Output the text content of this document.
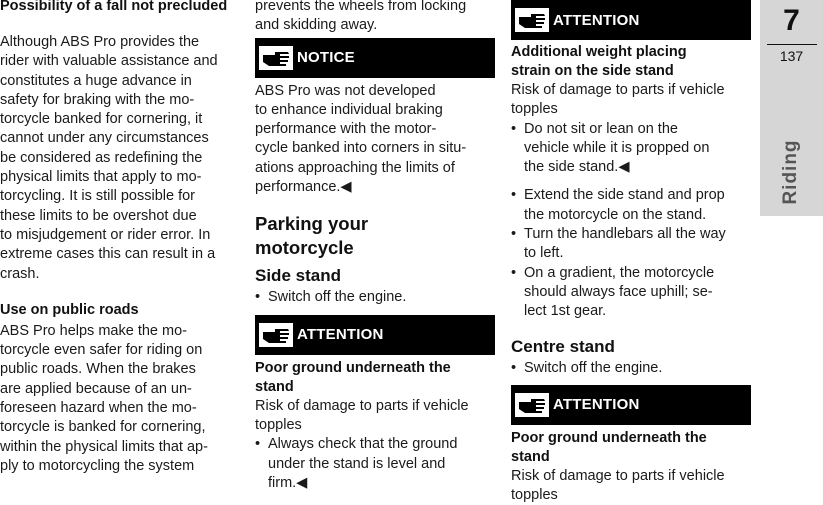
Possibility of a fall not precluded

Although ABS Pro provides the
rider with valuable assistance and
constitutes a huge advance in
safety for braking with the mo-
torcycle banked for cornering, it
cannot under any circumstances
be considered as redefining the
physical limits that apply to mo-
torcycling. It is still possible for
these limits to be overshot due
to misjudgement or rider error. In
extreme cases this can result in a
crash.

Use on public roads

ABS Pro helps make the mo-
torcycle even safer for riding on
public roads. When the brakes
are applied because of an un-
foreseen hazard when the mo-
torcycle is banked for cornering,
within the physical limits that ap-
ply to motorcycling the system
prevents the wheels from locking
and skidding away.
NOTICE
ABS Pro was not developed
to enhance individual braking
performance with the motor-
cycle banked into corners in situ-
ations approaching the limits of
performance.◀
Parking your
motorcycle

Side stand

• Switch off the engine.
ATTENTION
Poor ground underneath the
stand
Risk of damage to parts if vehicle
topples
• Always check that the ground
under the stand is level and
firm.◀
ATTENTION
Additional weight placing
strain on the side stand
Risk of damage to parts if vehicle
topples
• Do not sit or lean on the
vehicle while it is propped on
the side stand.◀
• Extend the side stand and prop
the motorcycle on the stand.
• Turn the handlebars all the way
to left.
• On a gradient, the motorcycle
should always face uphill; se-
lect 1st gear.

Centre stand

• Switch off the engine.
ATTENTION
Poor ground underneath the
stand
Risk of damage to parts if vehicle
topples
7
137
Riding
